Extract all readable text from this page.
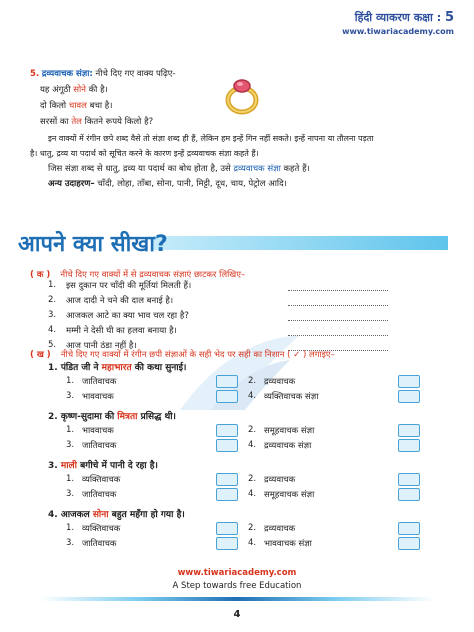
हिंदी व्याकरण कक्षा : 5
www.tiwariacademy.com
5. द्रव्यवाचक संज्ञा: नीचे दिए गए वाक्य पढ़िए-
यह अंगूठी सोने की है।
दो किलो चावल बचा है।
सरसों का तेल कितने रूपये किलो है?
इन वाक्यों में रंगीन छपे शब्द वैसे तो संज्ञा शब्द ही हैं, लेकिन हम इन्हें गिन नहीं सकते। इन्हें नापना या तौलना पड़ता
है। धातु, द्रव्य या पदार्थ को सूचित करने के कारण इन्हें द्रव्यवाचक संज्ञा कहते हैं।
जिस संज्ञा शब्द से धातु, द्रव्य या पदार्थ का बोध होता है, उसे द्रव्यवाचक संज्ञा कहते हैं।
अन्य उदाहरण– चाँदी, लोहा, ताँबा, सोना, पानी, मिट्टी, दूध, चाय, पेट्रोल आदि।
आपने क्या सीखा?
( क ) नीचे दिए गए वाक्यों में से द्रव्यवाचक संज्ञाएं छाटकर लिखिए–
1. इस दुकान पर चाँदी की मूर्तियां मिलती हैं।
2. आज दादी ने चने की दाल बनाई है।
3. आजकल आटे का क्या भाव चल रहा है?
4. मम्मी ने देसी घी का हलवा बनाया है।
5. आज पानी ठंडा नहीं है।
( ख ) नीचे दिए गए वाक्यों में रंगीन छपी संज्ञाओं के सही भेद पर सही का निशान ( ✓ ) लगाइए–
1. पंडित जी ने महाभारत की कथा सुनाई।
1. जातिवाचक	2. द्रव्यवाचक
3. भाववाचक	4. व्यक्तिवाचक संज्ञा
2. कृष्ण-सुदामा की मित्रता प्रसिद्ध थी।
1. भाववाचक	2. समूहवाचक संज्ञा
3. जातिवाचक	4. द्रव्यवाचक संज्ञा
3. माली बगीचे में पानी दे रहा है।
1. व्यक्तिवाचक	2. द्रव्यवाचक
3. जातिवाचक	4. समूहवाचक संज्ञा
4. आजकल सोना बहुत महँगा हो गया है।
1. व्यक्तिवाचक	2. द्रव्यवाचक
3. जातिवाचक	4. भाववाचक संज्ञा
www.tiwariacademy.com
A Step towards free Education
4
